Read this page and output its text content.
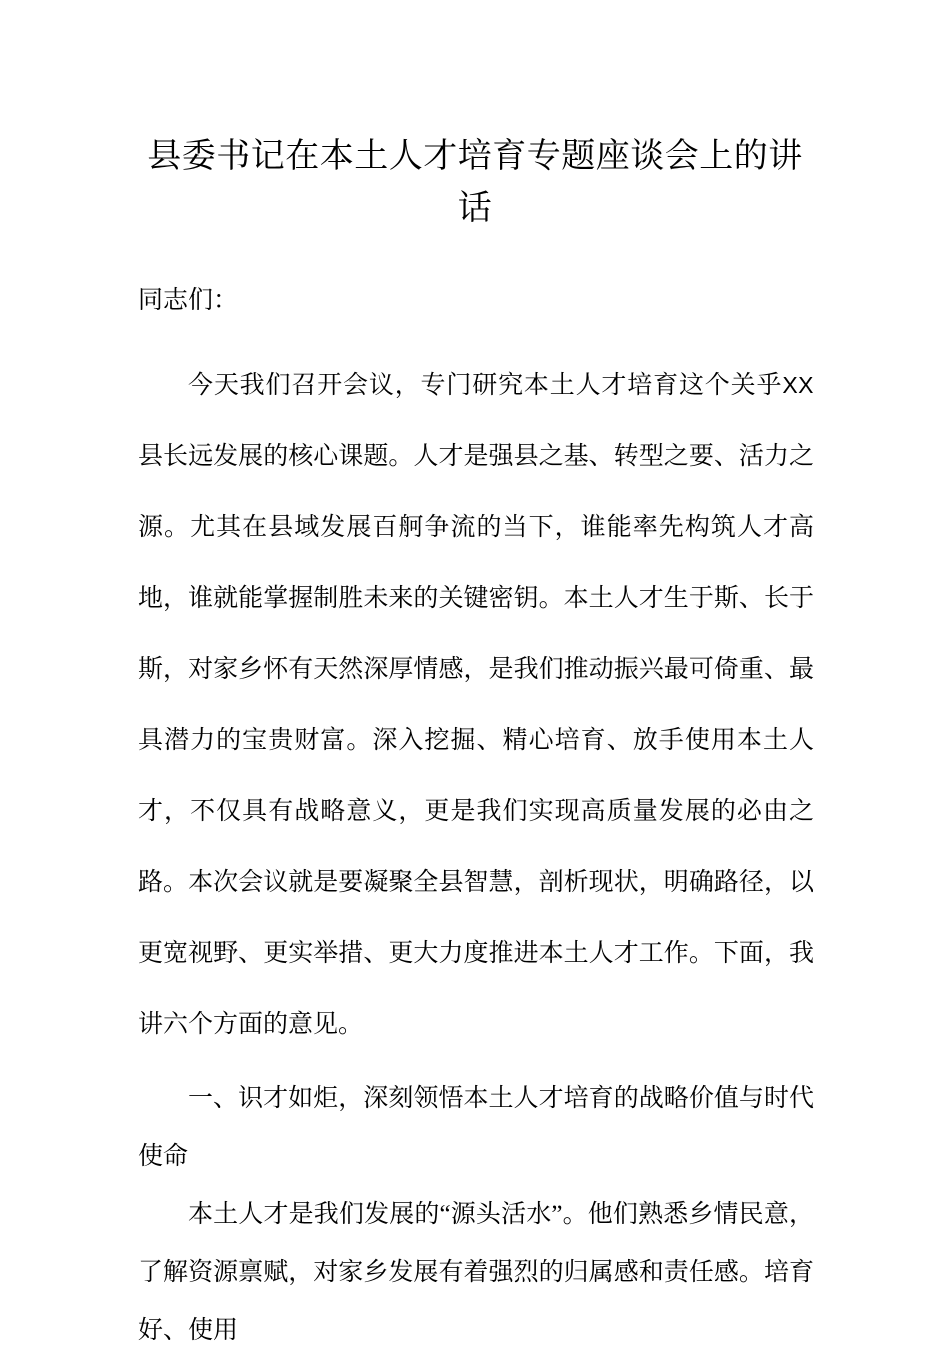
县委书记在本土人才培育专题座谈会上的讲话

同志们：

今天我们召开会议，专门研究本土人才培育这个关乎XX县长远发展的核心课题。人才是强县之基、转型之要、活力之源。尤其在县域发展百舸争流的当下，谁能率先构筑人才高地，谁就能掌握制胜未来的关键密钥。本土人才生于斯、长于斯，对家乡怀有天然深厚情感，是我们推动振兴最可倚重、最具潜力的宝贵财富。深入挖掘、精心培育、放手使用本土人才，不仅具有战略意义，更是我们实现高质量发展的必由之路。本次会议就是要凝聚全县智慧，剖析现状，明确路径，以更宽视野、更实举措、更大力度推进本土人才工作。下面，我讲六个方面的意见。

一、识才如炬，深刻领悟本土人才培育的战略价值与时代使命

本土人才是我们发展的“源头活水”。他们熟悉乡情民意，了解资源禀赋，对家乡发展有着强烈的归属感和责任感。培育好、使用
